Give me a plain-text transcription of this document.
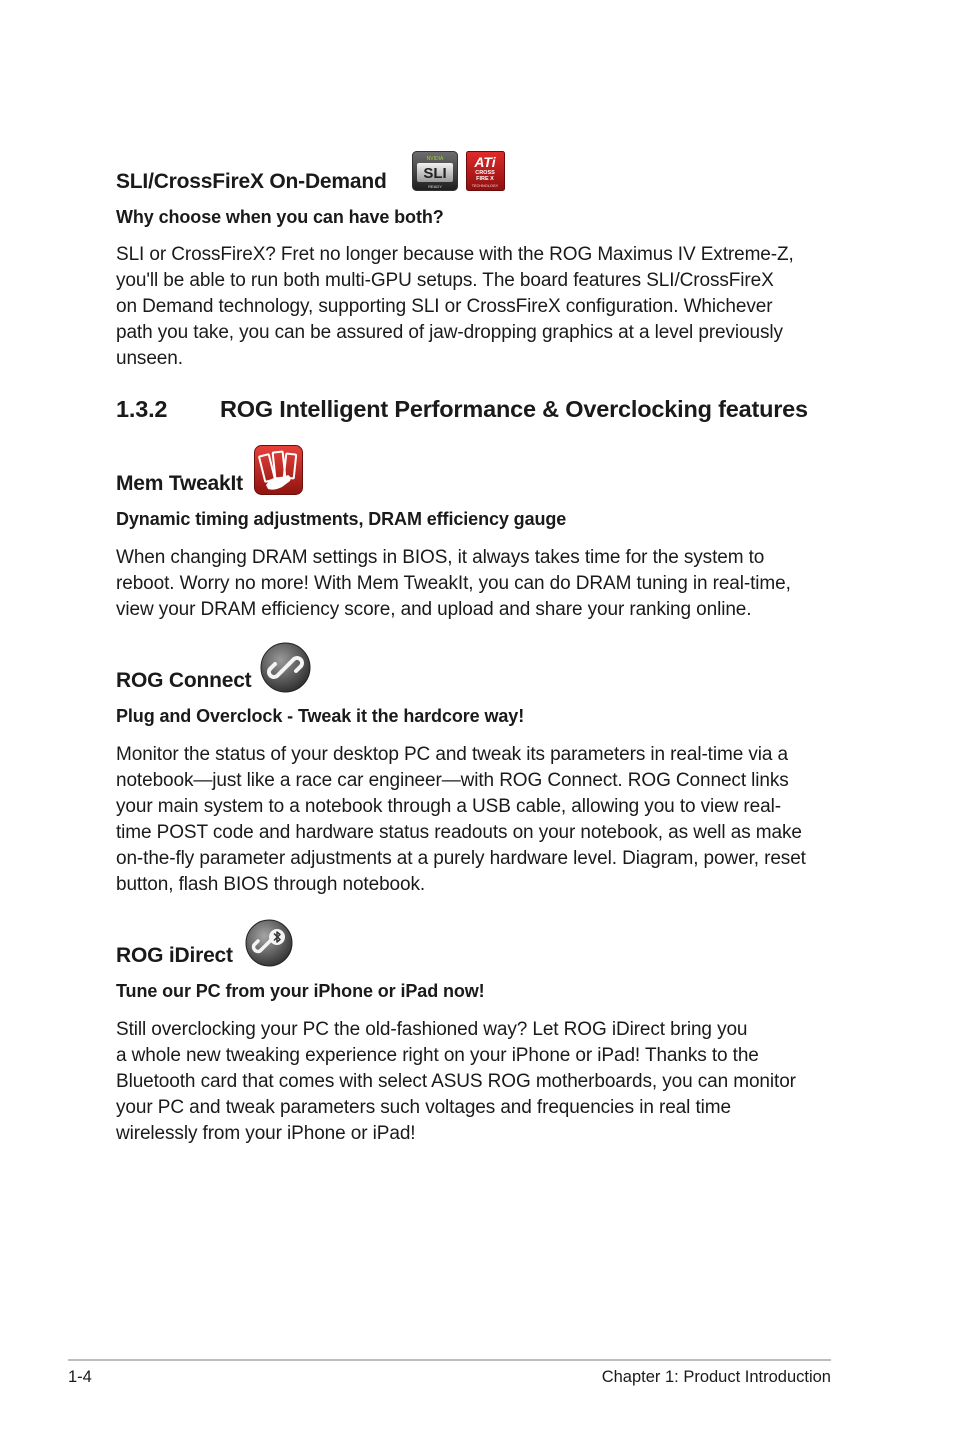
SLI/CrossFireX On-Demand
NVIDIA
SLI
READY
ATi
CROSS
FIRE X
TECHNOLOGY
Why choose when you can have both?
SLI or CrossFireX? Fret no longer because with the ROG Maximus IV Extreme-Z,
you'll be able to run both multi-GPU setups. The board features SLI/CrossFireX
on Demand technology, supporting SLI or CrossFireX configuration. Whichever
path you take, you can be assured of jaw-dropping graphics at a level previously
unseen.
1.3.2 ROG Intelligent Performance & Overclocking features
Mem TweakIt
Dynamic timing adjustments, DRAM efficiency gauge
When changing DRAM settings in BIOS, it always takes time for the system to
reboot. Worry no more! With Mem TweakIt, you can do DRAM tuning in real-time,
view your DRAM efficiency score, and upload and share your ranking online.
ROG Connect
Plug and Overclock - Tweak it the hardcore way!
Monitor the status of your desktop PC and tweak its parameters in real-time via a
notebook—just like a race car engineer—with ROG Connect. ROG Connect links
your main system to a notebook through a USB cable, allowing you to view real-
time POST code and hardware status readouts on your notebook, as well as make
on-the-fly parameter adjustments at a purely hardware level. Diagram, power, reset
button, flash BIOS through notebook.
ROG iDirect
Tune our PC from your iPhone or iPad now!
Still overclocking your PC the old-fashioned way? Let ROG iDirect bring you
a whole new tweaking experience right on your iPhone or iPad! Thanks to the
Bluetooth card that comes with select ASUS ROG motherboards, you can monitor
your PC and tweak parameters such voltages and frequencies in real time
wirelessly from your iPhone or iPad!
1-4	Chapter 1: Product Introduction
